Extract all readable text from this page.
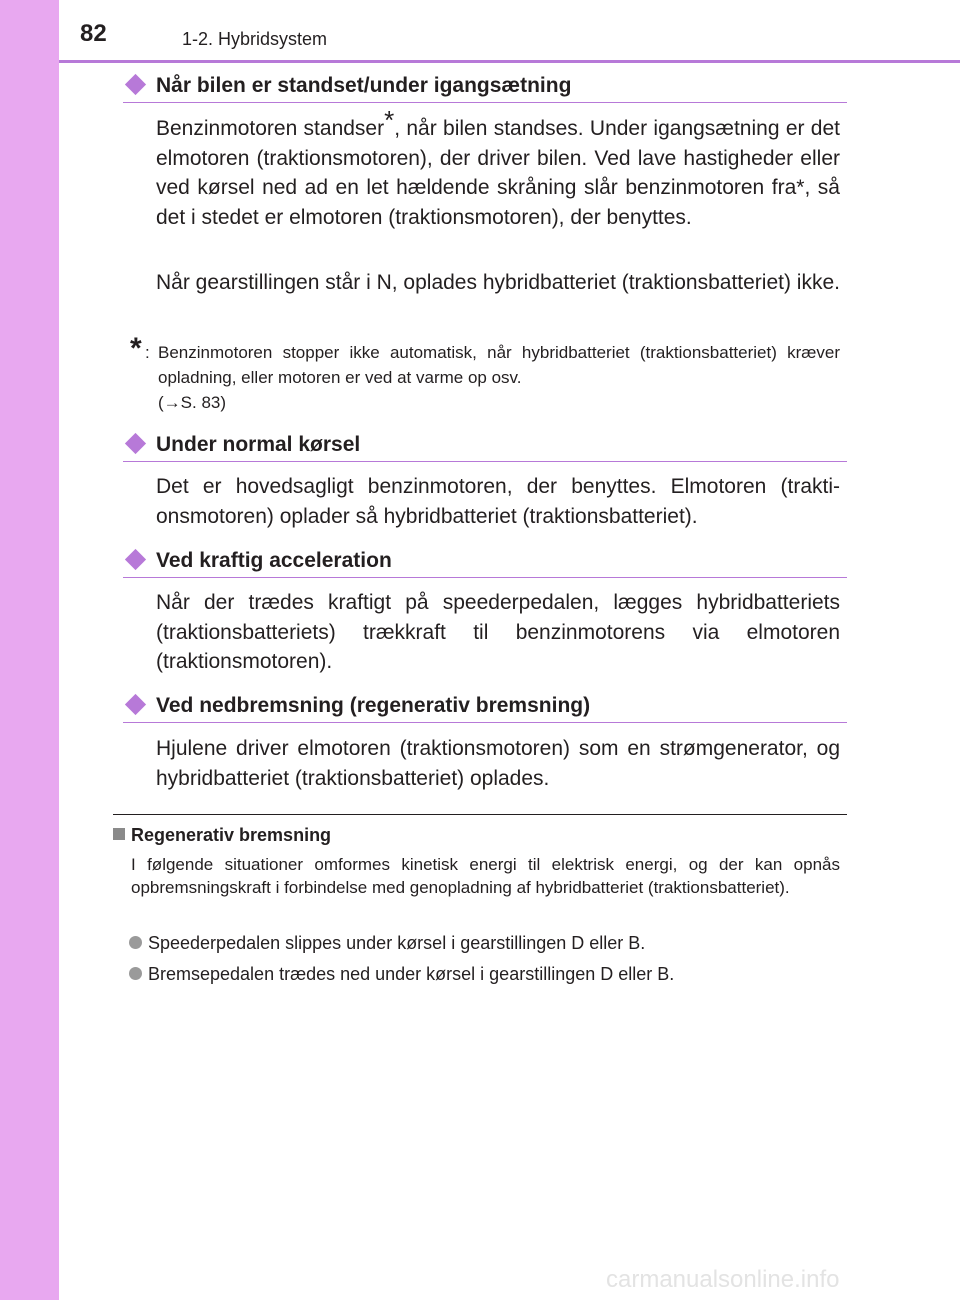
82	1-2. Hybridsystem
Når bilen er standset/under igangsætning
Benzinmotoren standser*, når bilen standses. Under igangsætning er det elmotoren (traktionsmotoren), der driver bilen. Ved lave hastigheder eller ved kørsel ned ad en let hældende skråning slår benzinmotoren fra*, så det i stedet er elmotoren (traktionsmotoren), der benyttes.
Når gearstillingen står i N, oplades hybridbatteriet (traktionsbatteriet) ikke.
* : Benzinmotoren stopper ikke automatisk, når hybridbatteriet (traktionsbatteriet) kræver opladning, eller motoren er ved at varme op osv.
(→S. 83)
Under normal kørsel
Det er hovedsagligt benzinmotoren, der benyttes. Elmotoren (traktionsmotoren) oplader så hybridbatteriet (traktionsbatteriet).
Ved kraftig acceleration
Når der trædes kraftigt på speederpedalen, lægges hybridbatteriets (traktionsbatteriets) trækkraft til benzinmotorens via elmotoren (traktionsmotoren).
Ved nedbremsning (regenerativ bremsning)
Hjulene driver elmotoren (traktionsmotoren) som en strømgenerator, og hybridbatteriet (traktionsbatteriet) oplades.
Regenerativ bremsning
I følgende situationer omformes kinetisk energi til elektrisk energi, og der kan opnås opbremsningskraft i forbindelse med genopladning af hybridbatteriet (traktionsbatteriet).
Speederpedalen slippes under kørsel i gearstillingen D eller B.
Bremsepedalen trædes ned under kørsel i gearstillingen D eller B.
carmanualsonline.info
